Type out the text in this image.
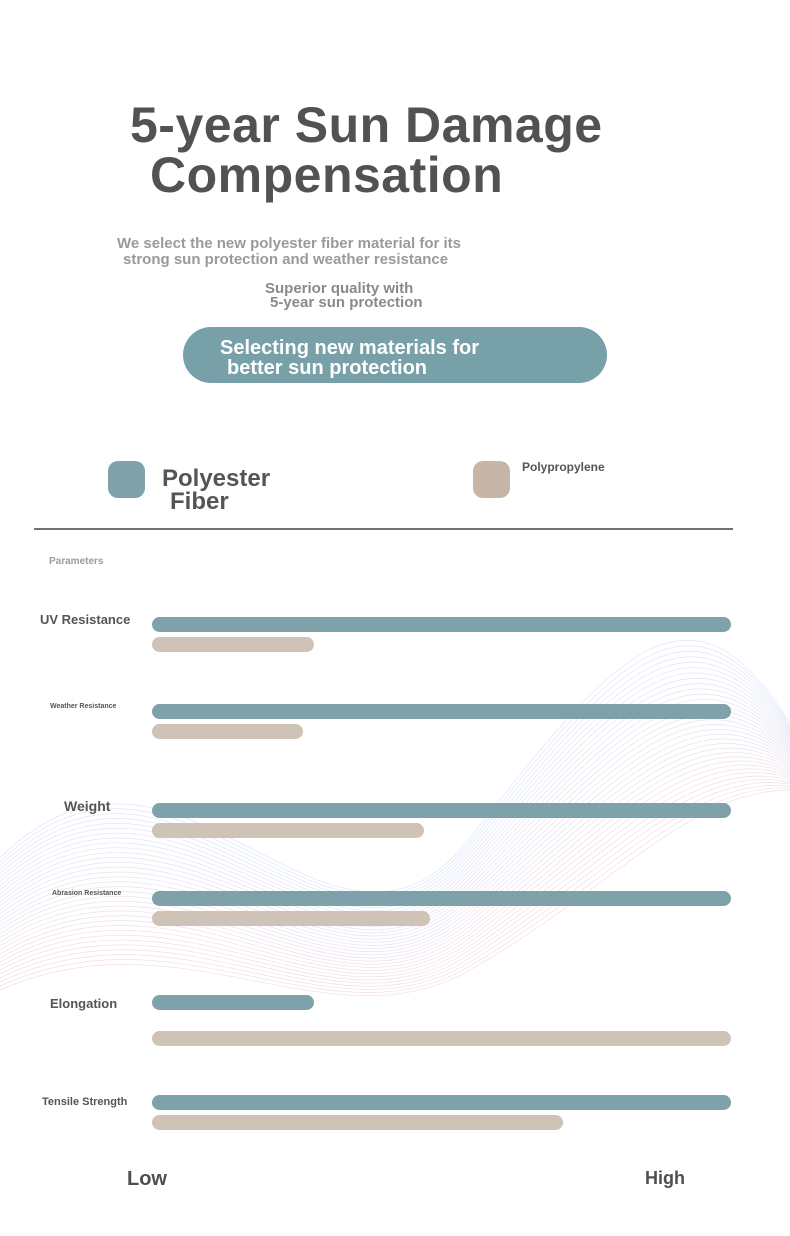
5-year Sun Damage
Compensation
We select the new polyester fiber material for its
strong sun protection and weather resistance
Superior quality with
5-year sun protection
Selecting new materials for
better sun protection
Polyester
Fiber
Polypropylene
Parameters
UV Resistance
Weather Resistance
Weight
Abrasion Resistance
Elongation
Tensile Strength
Low	High
